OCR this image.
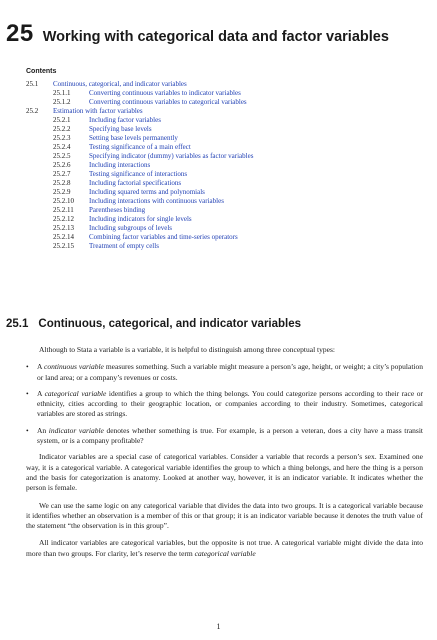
25 Working with categorical data and factor variables
Contents
25.1 Continuous, categorical, and indicator variables
25.1.1	Converting continuous variables to indicator variables
25.1.2	Converting continuous variables to categorical variables
25.2 Estimation with factor variables
25.2.1	Including factor variables
25.2.2	Specifying base levels
25.2.3	Setting base levels permanently
25.2.4	Testing significance of a main effect
25.2.5	Specifying indicator (dummy) variables as factor variables
25.2.6	Including interactions
25.2.7	Testing significance of interactions
25.2.8	Including factorial specifications
25.2.9	Including squared terms and polynomials
25.2.10 Including interactions with continuous variables
25.2.11 Parentheses binding
25.2.12 Including indicators for single levels
25.2.13 Including subgroups of levels
25.2.14 Combining factor variables and time-series operators
25.2.15 Treatment of empty cells
25.1 Continuous, categorical, and indicator variables

Although to Stata a variable is a variable, it is helpful to distinguish among three conceptual types:

• A continuous variable measures something. Such a variable might measure a person’s age, height, or weight; a city’s population or land area; or a company’s revenues or costs.

• A categorical variable identifies a group to which the thing belongs. You could categorize persons according to their race or ethnicity, cities according to their geographic location, or companies according to their industry. Sometimes, categorical variables are stored as strings.

• An indicator variable denotes whether something is true. For example, is a person a veteran, does a city have a mass transit system, or is a company profitable?

Indicator variables are a special case of categorical variables. Consider a variable that records a person’s sex. Examined one way, it is a categorical variable. A categorical variable identifies the group to which a thing belongs, and here the thing is a person and the basis for categorization is anatomy. Looked at another way, however, it is an indicator variable. It indicates whether the person is female.

We can use the same logic on any categorical variable that divides the data into two groups. It is a categorical variable because it identifies whether an observation is a member of this or that group; it is an indicator variable because it denotes the truth value of the statement “the observation is in this group”.

All indicator variables are categorical variables, but the opposite is not true. A categorical variable might divide the data into more than two groups. For clarity, let’s reserve the term categorical variable

1
